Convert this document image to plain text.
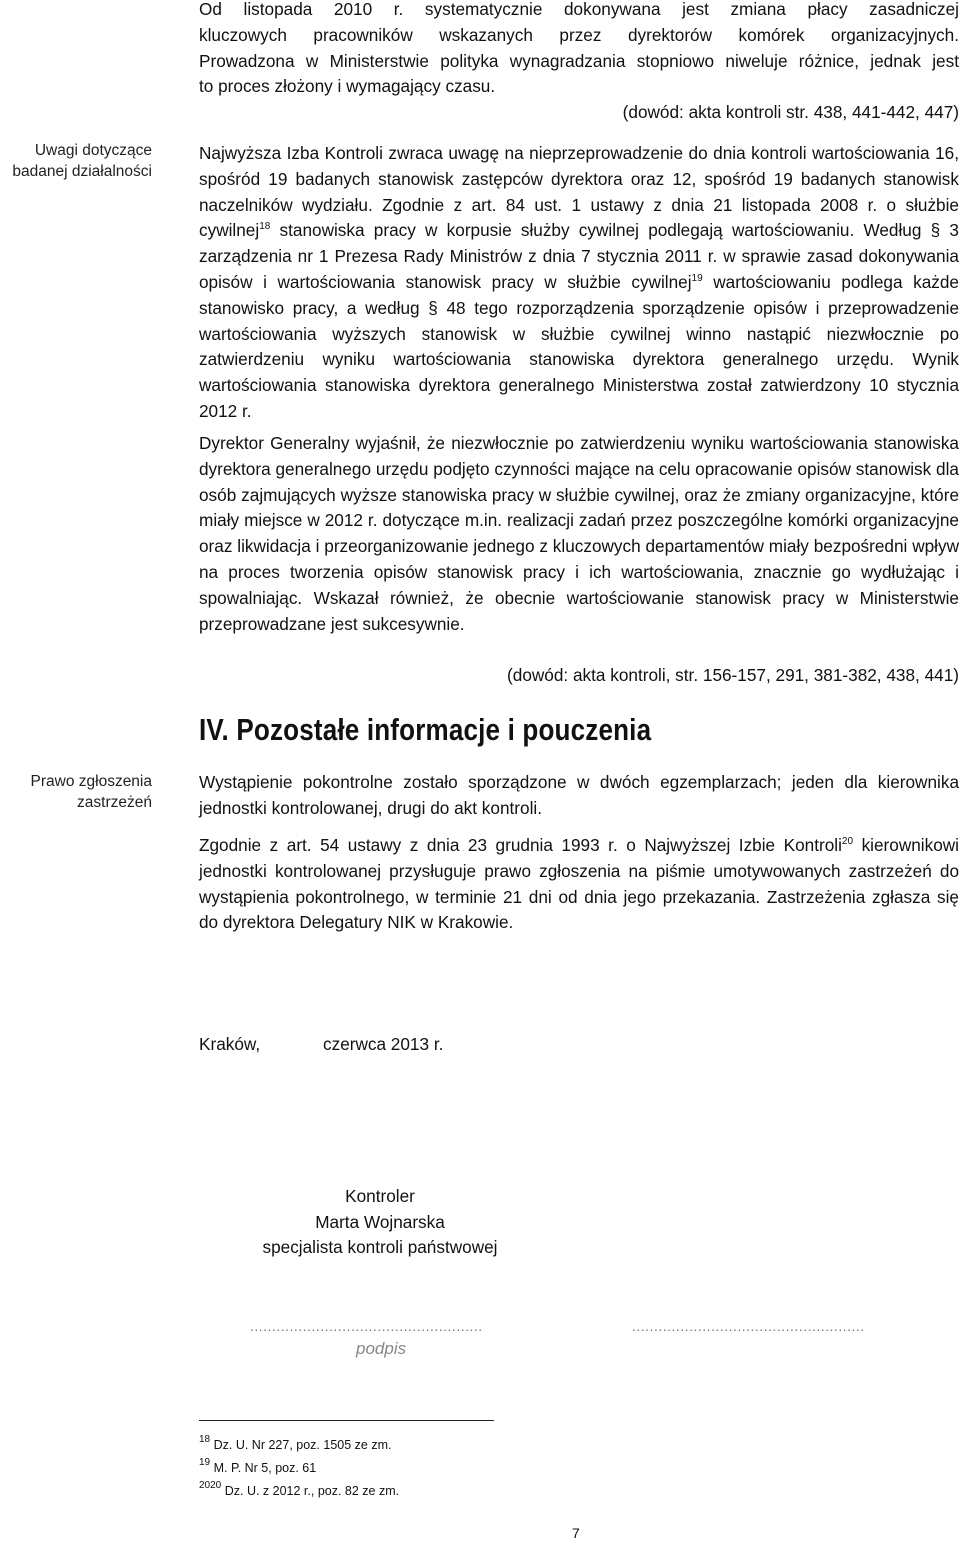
Od listopada 2010 r. systematycznie dokonywana jest zmiana płacy zasadniczej
kluczowych pracowników wskazanych przez dyrektorów komórek organizacyjnych.
Prowadzona w Ministerstwie polityka wynagradzania stopniowo niweluje różnice, jednak jest
to proces złożony i wymagający czasu.
(dowód: akta kontroli str. 438, 441-442, 447)
Uwagi dotyczące
badanej działalności
Prawo zgłoszenia
zastrzeżeń
Najwyższa Izba Kontroli zwraca uwagę na nieprzeprowadzenie do dnia kontroli wartościowania 16, spośród 19 badanych stanowisk zastępców dyrektora oraz 12, spośród 19 badanych stanowisk naczelników wydziału. Zgodnie z art. 84 ust. 1 ustawy z dnia 21 listopada 2008 r. o służbie cywilnej$^{18}$ stanowiska pracy w korpusie służby cywilnej podlegają wartościowaniu. Według § 3 zarządzenia nr 1 Prezesa Rady Ministrów z dnia 7 stycznia 2011 r. w sprawie zasad dokonywania opisów i wartościowania stanowisk pracy w służbie cywilnej$^{19}$ wartościowaniu podlega każde stanowisko pracy, a według § 48 tego rozporządzenia sporządzenie opisów i przeprowadzenie wartościowania wyższych stanowisk w służbie cywilnej winno nastąpić niezwłocznie po zatwierdzeniu wyniku wartościowania stanowiska dyrektora generalnego urzędu. Wynik wartościowania stanowiska dyrektora generalnego Ministerstwa został zatwierdzony 10 stycznia 2012 r.
Dyrektor Generalny wyjaśnił, że niezwłocznie po zatwierdzeniu wyniku wartościowania stanowiska dyrektora generalnego urzędu podjęto czynności mające na celu opracowanie opisów stanowisk dla osób zajmujących wyższe stanowiska pracy w służbie cywilnej, oraz że zmiany organizacyjne, które miały miejsce w 2012 r. dotyczące m.in. realizacji zadań przez poszczególne komórki organizacyjne oraz likwidacja i przeorganizowanie jednego z kluczowych departamentów miały bezpośredni wpływ na proces tworzenia opisów stanowisk pracy i ich wartościowania, znacznie go wydłużając i spowalniając. Wskazał również, że obecnie wartościowanie stanowisk pracy w Ministerstwie przeprowadzane jest sukcesywnie.
(dowód: akta kontroli, str. 156-157, 291, 381-382, 438, 441)
IV. Pozostałe informacje i pouczenia
Wystąpienie pokontrolne zostało sporządzone w dwóch egzemplarzach; jeden dla kierownika jednostki kontrolowanej, drugi do akt kontroli.
Zgodnie z art. 54 ustawy z dnia 23 grudnia 1993 r. o Najwyższej Izbie Kontroli$^{20}$ kierownikowi jednostki kontrolowanej przysługuje prawo zgłoszenia na piśmie umotywowanych zastrzeżeń do wystąpienia pokontrolnego, w terminie 21 dni od dnia jego przekazania. Zastrzeżenia zgłasza się do dyrektora Delegatury NIK w Krakowie.
Kraków,	czerwca 2013 r.
Kontroler
Marta Wojnarska
specjalista kontroli państwowej
.....................................................	.....................................................
podpis
$^{18}$ Dz. U. Nr 227, poz. 1505 ze zm.
$^{19}$ M. P. Nr 5, poz. 61
$^{2020}$ Dz. U. z 2012 r., poz. 82 ze zm.
7
